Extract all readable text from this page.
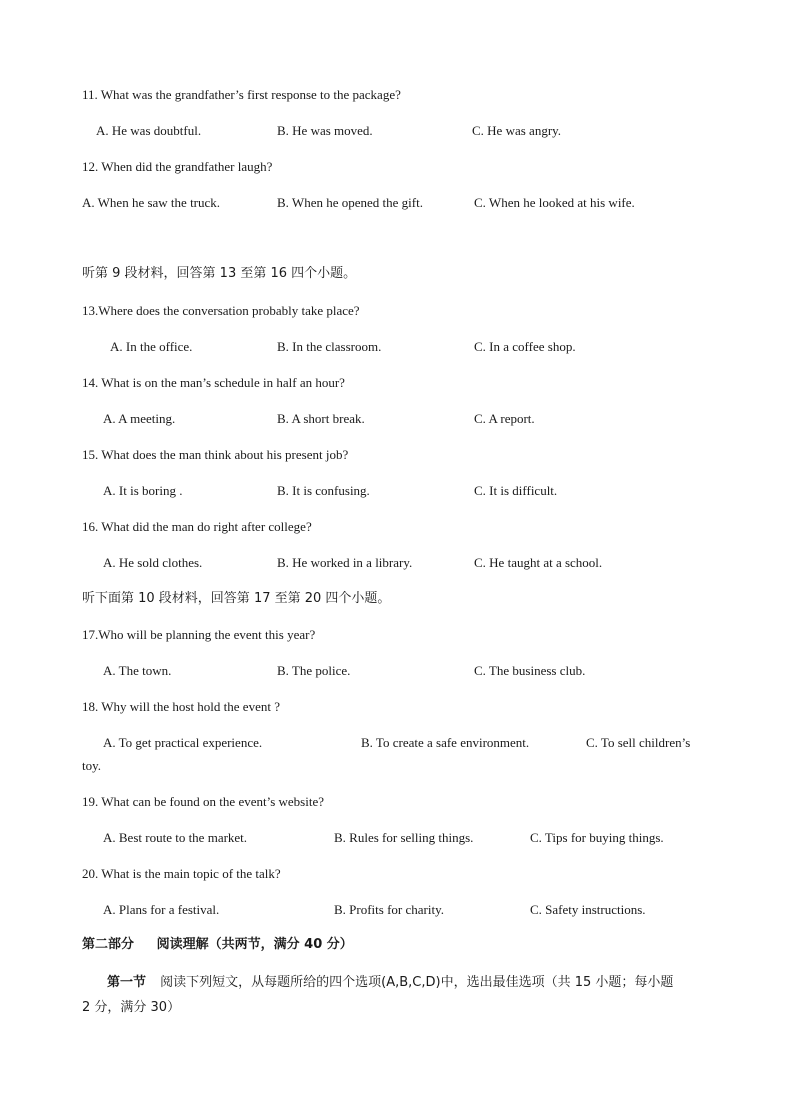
11. What was the grandfather’s first response to the package?
A. He was doubtful.	B. He was moved.	C. He was angry.
12. When did the grandfather laugh?
A. When he saw the truck.	B. When he opened the gift.	C. When he looked at his wife.
听第 9 段材料，回答第 13 至第 16 四个小题。
13.Where does the conversation probably take place?
A. In the office.	B. In the classroom.	C. In a coffee shop.
14. What is on the man’s schedule in half an hour?
A. A meeting.	B. A short break.	C. A report.
15. What does the man think about his present job?
A. It is boring .	B. It is confusing.	C. It is difficult.
16. What did the man do right after college?
A. He sold clothes.	B. He worked in a library.	C. He taught at a school.
听下面第 10 段材料，回答第 17 至第 20 四个小题。
17.Who will be planning the event this year?
A. The town.	B. The police.	C. The business club.
18. Why will the host hold the event ?
A. To get practical experience.	B. To create a safe environment.	C. To sell children’s
toy.
19. What can be found on the event’s website?
A. Best route to the market.	B. Rules for selling things.	C. Tips for buying things.
20. What is the main topic of the talk?
A. Plans for a festival.	B. Profits for charity.	C. Safety instructions.
第二部分     阅读理解（共两节，满分 40 分）
第一节 阅读下列短文，从每题所给的四个选项(A,B,C,D)中，选出最佳选项（共 15 小题；每小题
2 分，满分 30）
